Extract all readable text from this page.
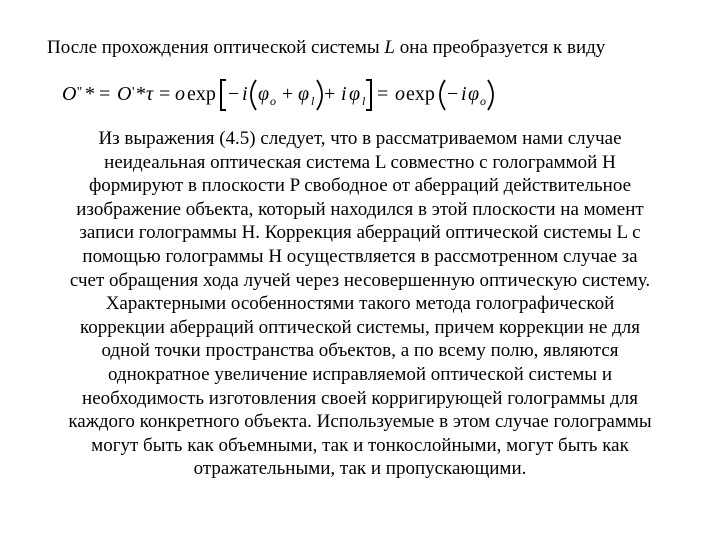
После прохождения оптической системы L она преобразуется к виду
O '' * = O ' * τ = o exp − i φ o + φ l + i φ l = o exp − i φ o
Из выражения (4.5) следует, что в рассматриваемом нами случае
неидеальная оптическая система L совместно с голограммой H
формируют в плоскости P свободное от аберраций действительное
изображение объекта, который находился в этой плоскости на момент
записи голограммы H. Коррекция аберраций оптической системы L с
помощью голограммы H осуществляется в рассмотренном случае за
счет обращения хода лучей через несовершенную оптическую систему.
Характерными особенностями такого метода голографической
коррекции аберраций оптической системы, причем коррекции не для
одной точки пространства объектов, а по всему полю, являются
однократное увеличение исправляемой оптической системы и
необходимость изготовления своей корригирующей голограммы для
каждого конкретного объекта. Используемые в этом случае голограммы
могут быть как объемными, так и тонкослойными, могут быть как
отражательными, так и пропускающими.
